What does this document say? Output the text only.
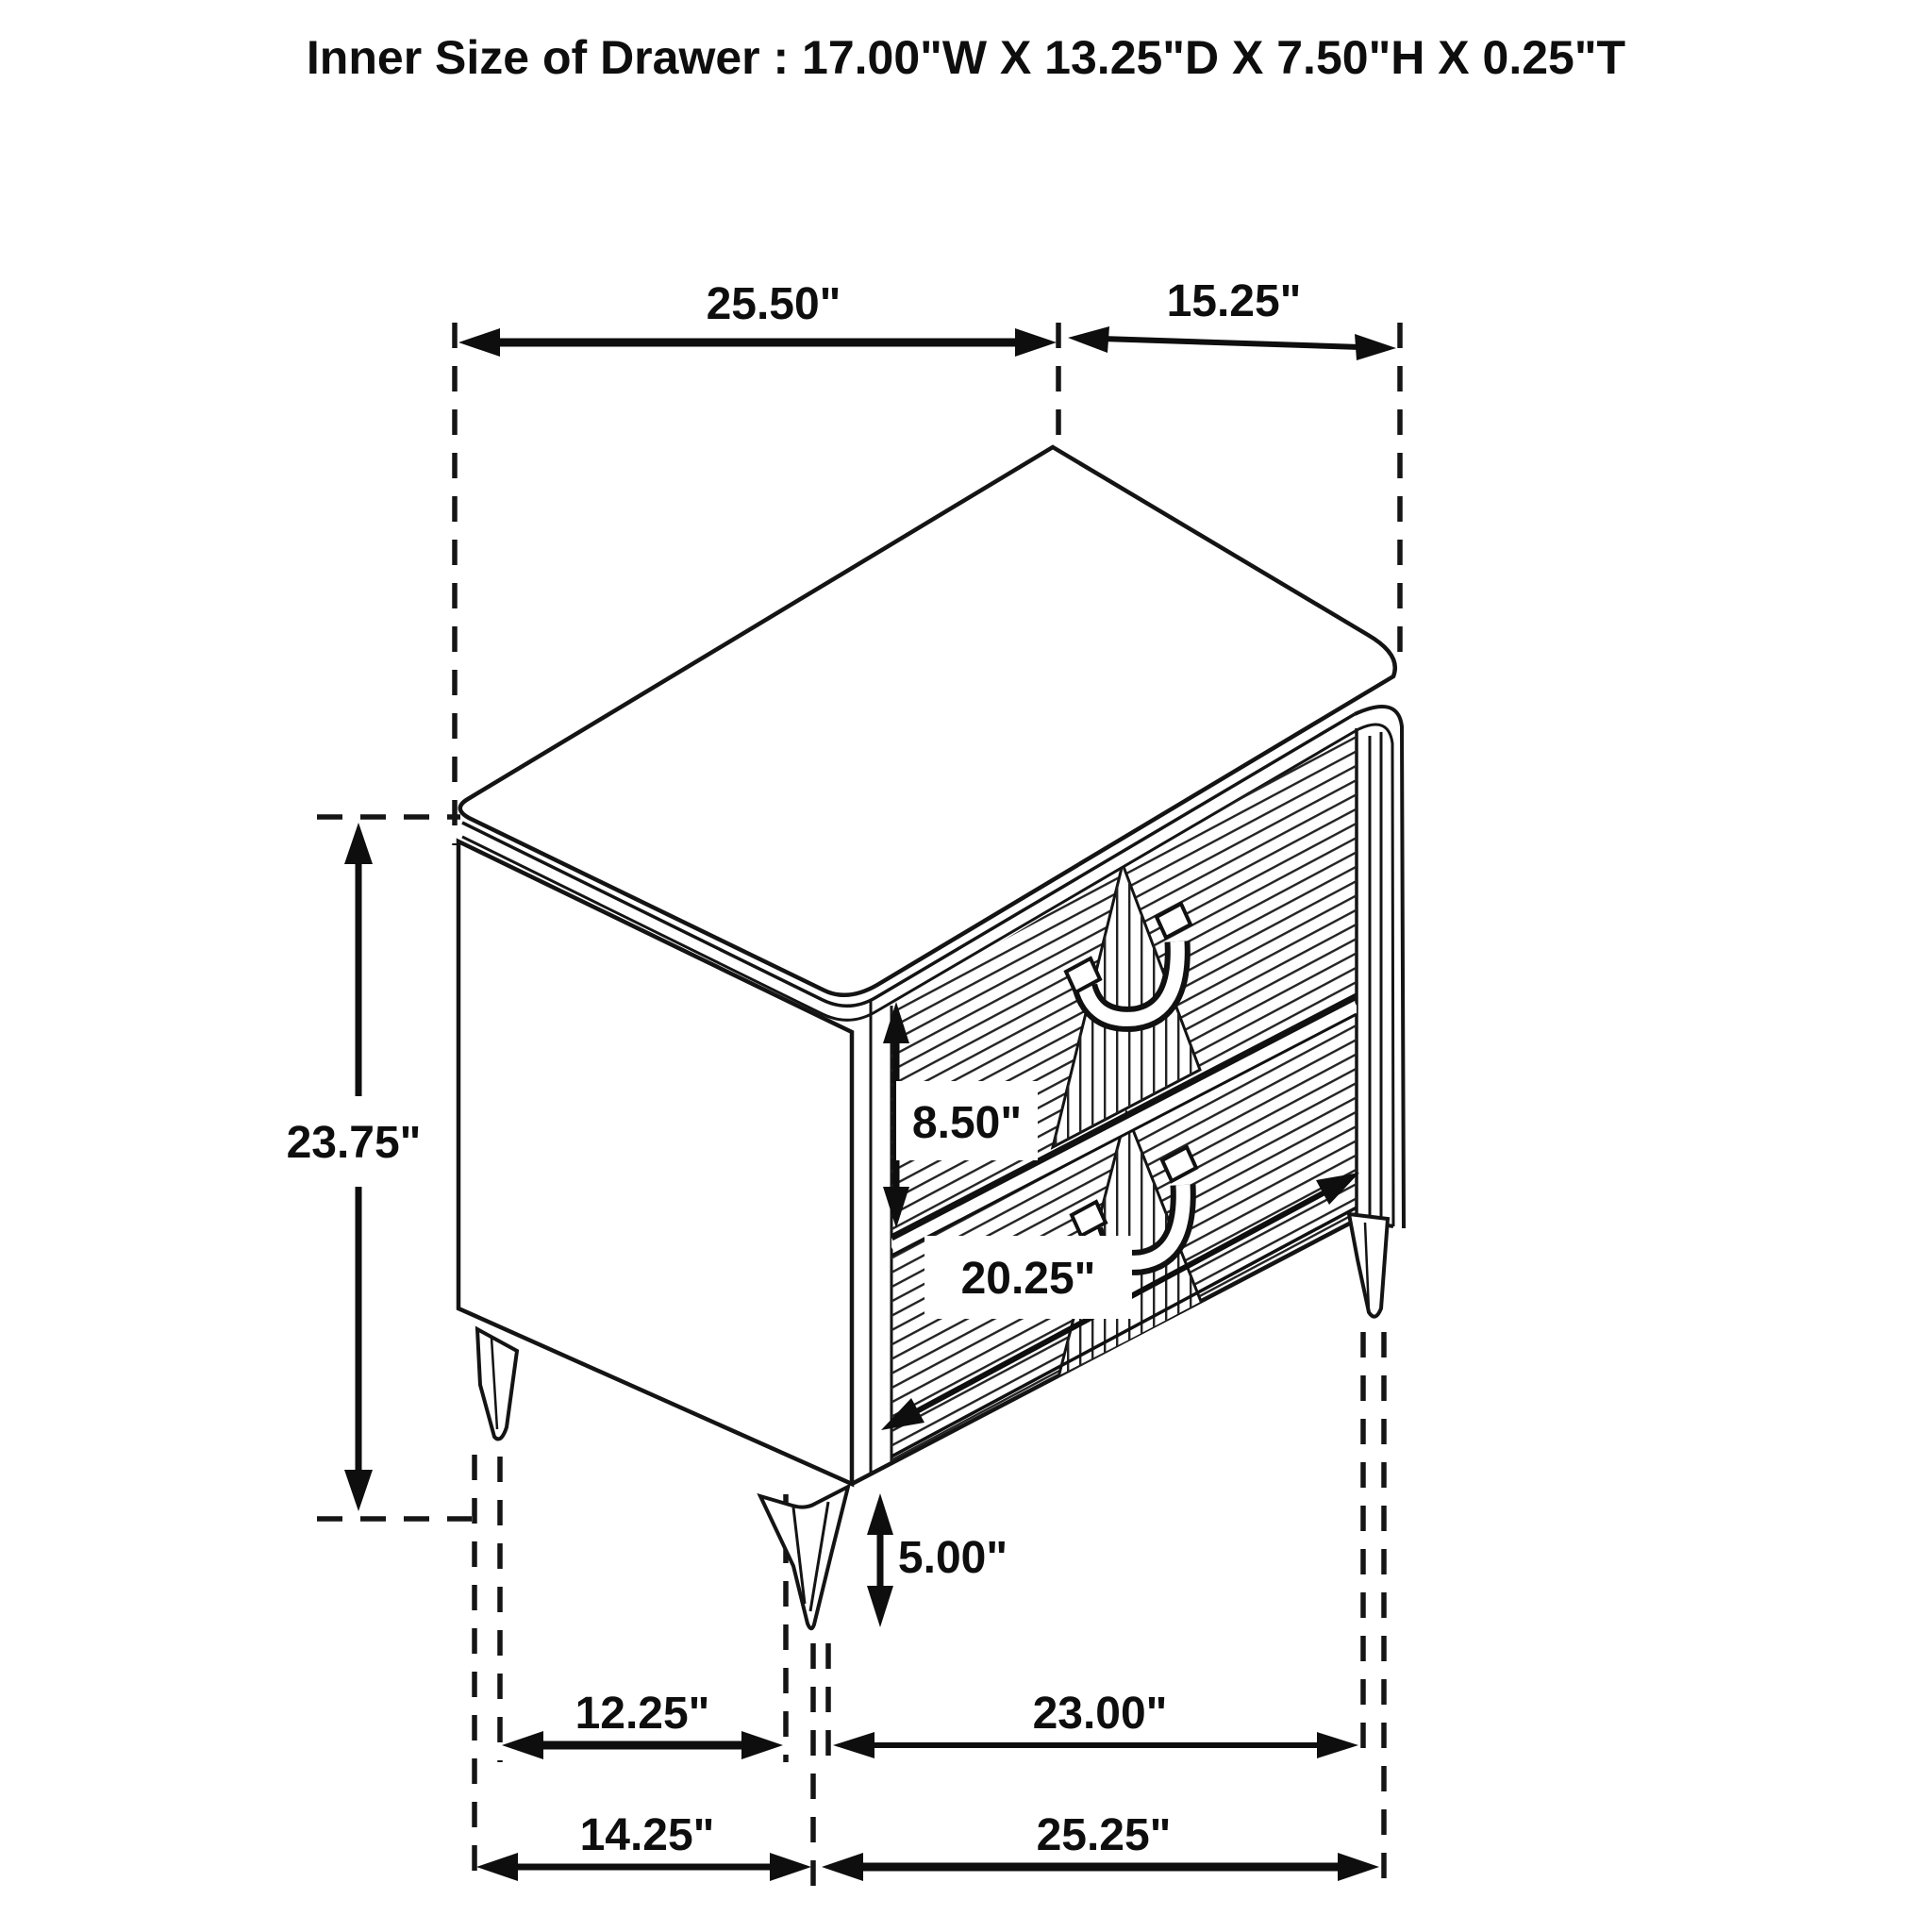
Inner Size of Drawer : 17.00"W X 13.25"D X 7.50"H X 0.25"T
25.50"	15.25"
23.75"	8.50"
20.25"
5.00"
12.25"	23.00"
14.25"	25.25"
